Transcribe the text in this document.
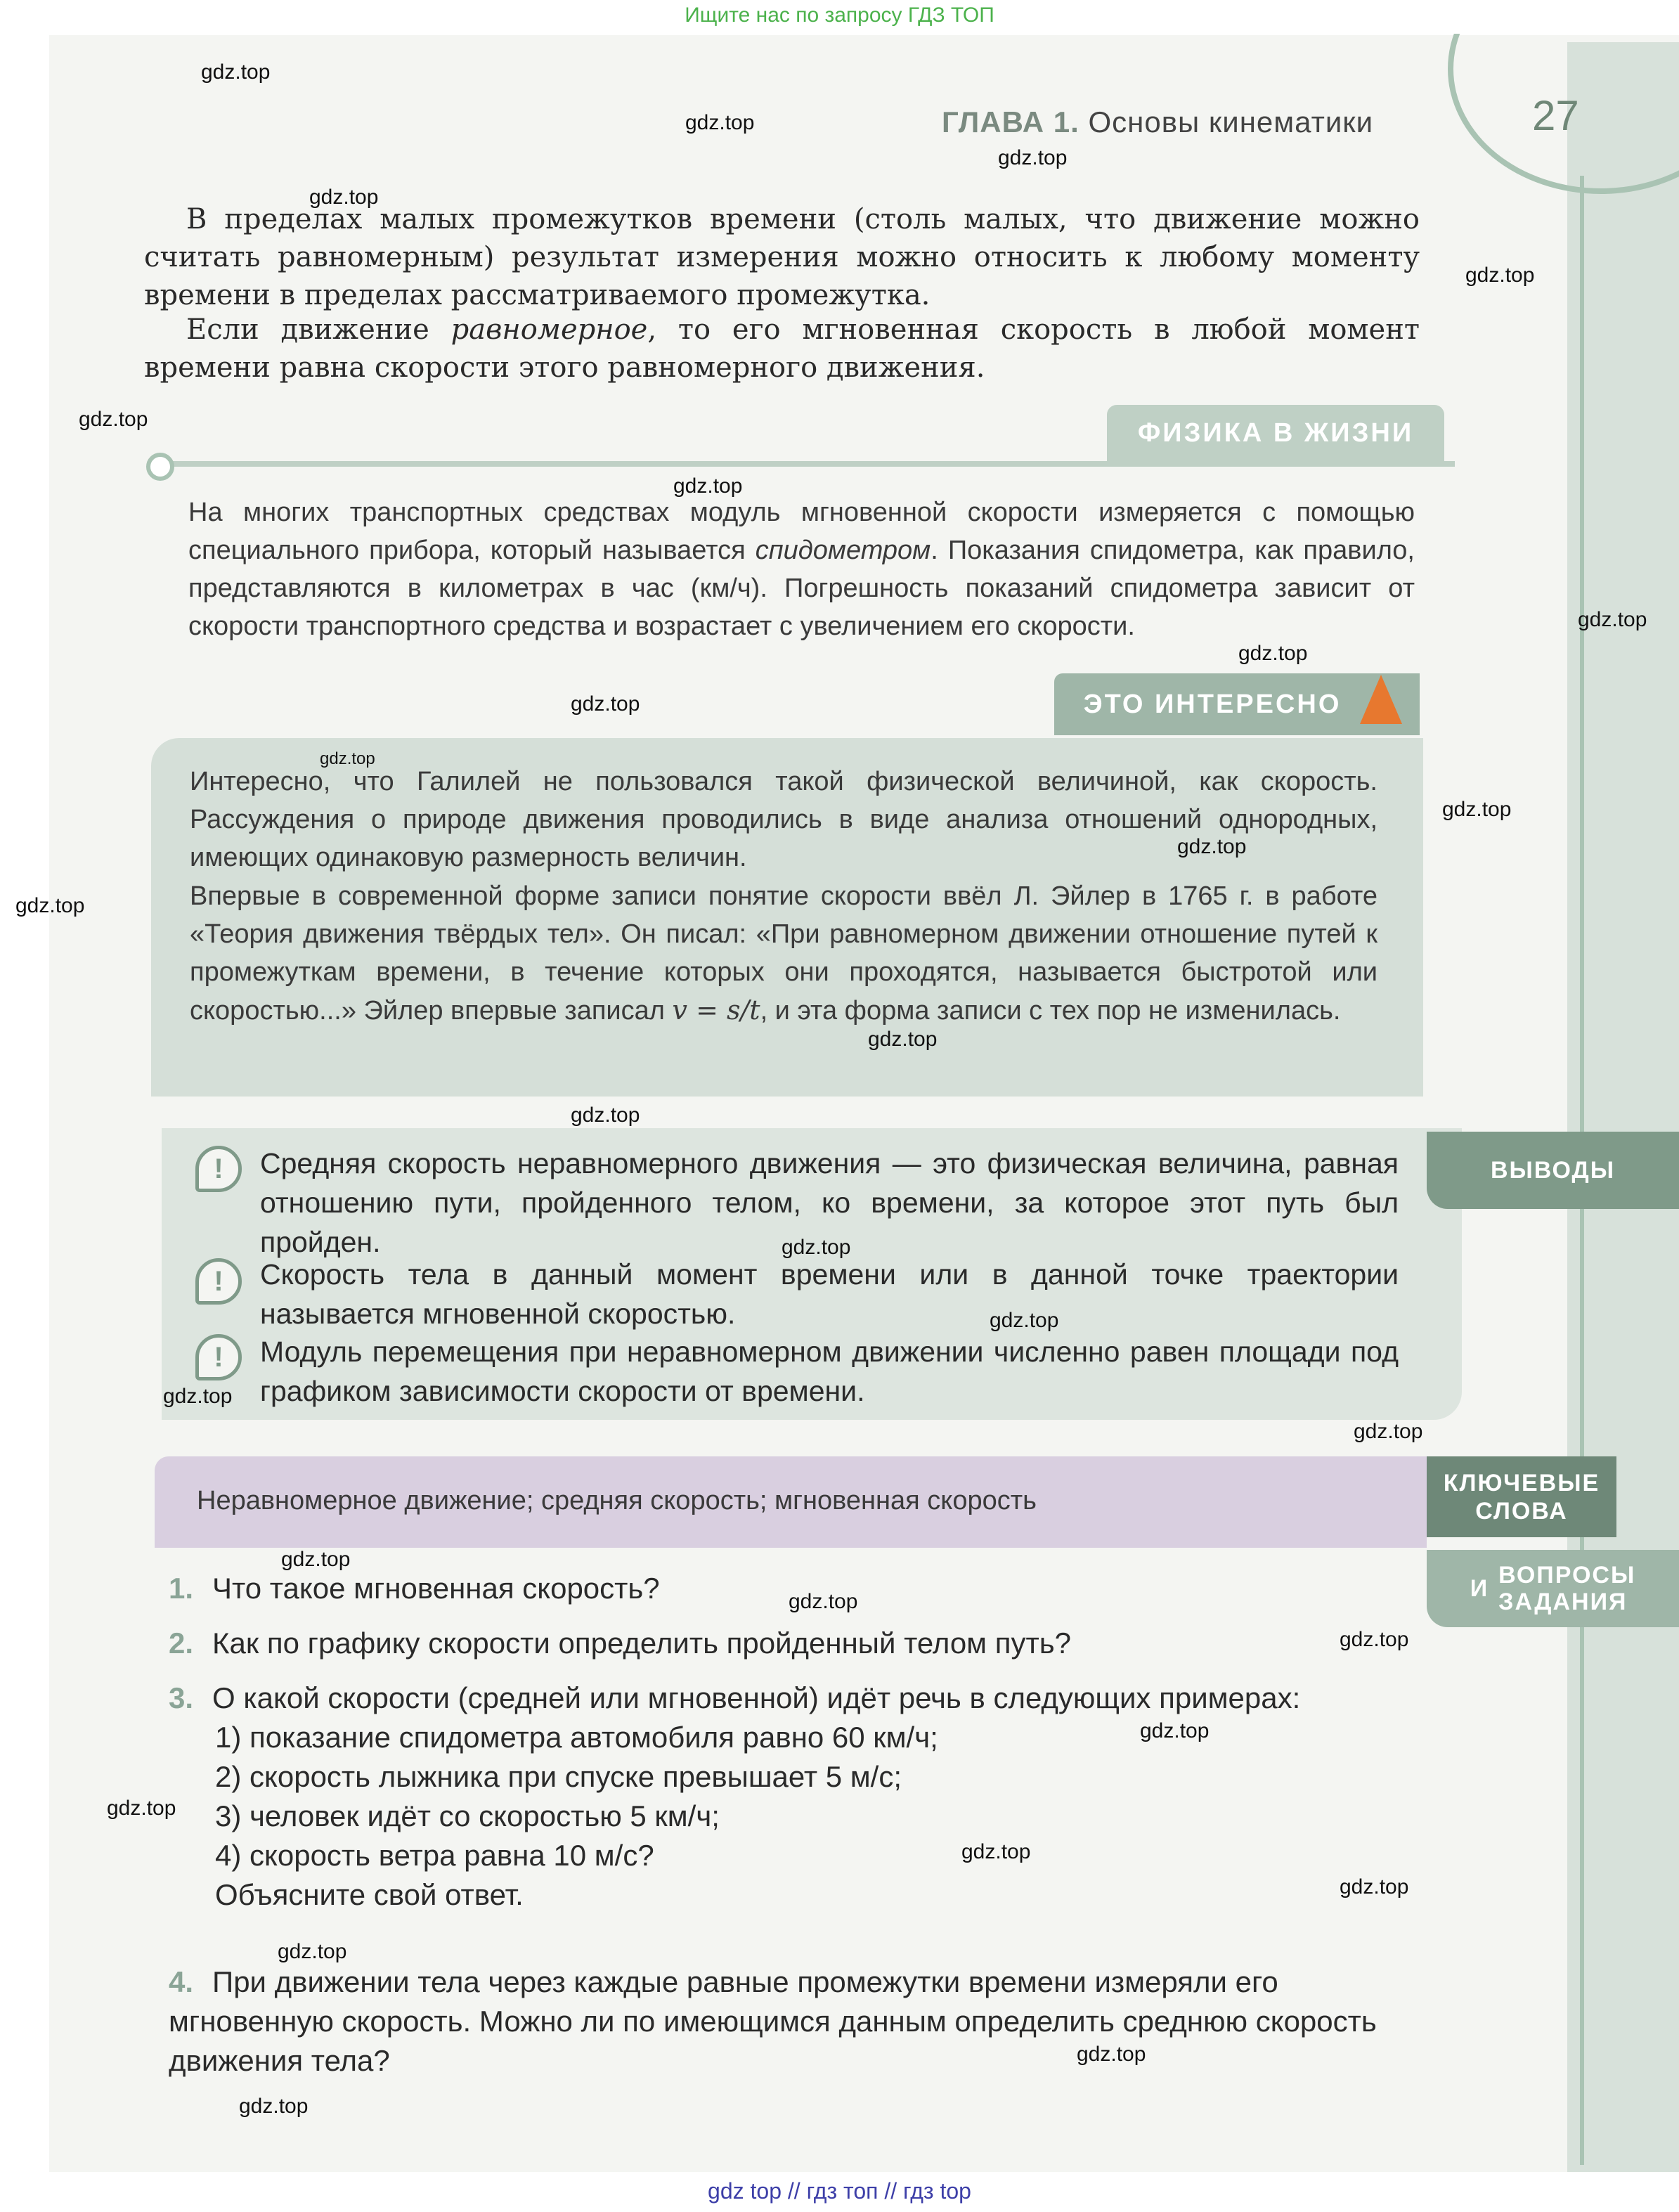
Ищите нас по запросу ГДЗ ТОП
ГЛАВА 1. Основы кинематики	27
В пределах малых промежутков времени (столь малых, что движение можно считать равномерным) результат измерения можно относить к любому моменту времени в пределах рассматриваемого промежутка.
Если движение равномерное, то его мгновенная скорость в любой момент времени равна скорости этого равномерного движения.
ФИЗИКА В ЖИЗНИ
На многих транспортных средствах модуль мгновенной скорости измеряется с помощью специального прибора, который называется спидометром. Показания спидометра, как правило, представляются в километрах в час (км/ч). Погрешность показаний спидометра зависит от скорости транспортного средства и возрастает с увеличением его скорости.
ЭТО ИНТЕРЕСНО
Интересно, что Галилей не пользовался такой физической величиной, как скорость. Рассуждения о природе движения проводились в виде анализа отношений однородных, имеющих одинаковую размерность величин.
Впервые в современной форме записи понятие скорости ввёл Л. Эйлер в 1765 г. в работе «Теория движения твёрдых тел». Он писал: «При равномерном движении отношение путей к промежуткам времени, в течение которых они проходятся, называется быстротой или скоростью...» Эйлер впервые записал v = s/t, и эта форма записи с тех пор не изменилась.
ВЫВОДЫ
!	Средняя скорость неравномерного движения — это физическая величина, равная отношению пути, пройденного телом, ко времени, за которое этот путь был пройден.
!	Скорость тела в данный момент времени или в данной точке траектории называется мгновенной скоростью.
!	Модуль перемещения при неравномерном движении численно равен площади под графиком зависимости скорости от времени.
Неравномерное движение; средняя скорость; мгновенная скорость
КЛЮЧЕВЫЕ
СЛОВА
И ВОПРОСЫ
ЗАДАНИЯ
1. Что такое мгновенная скорость?
2. Как по графику скорости определить пройденный телом путь?
3. О какой скорости (средней или мгновенной) идёт речь в следующих примерах:
1) показание спидометра автомобиля равно 60 км/ч;
2) скорость лыжника при спуске превышает 5 м/с;
3) человек идёт со скоростью 5 км/ч;
4) скорость ветра равна 10 м/с?
Объясните свой ответ.
4. При движении тела через каждые равные промежутки времени измеряли его мгновенную скорость. Можно ли по имеющимся данным определить среднюю скорость движения тела?
gdz.top
gdz.top
gdz.top
gdz.top
gdz.top
gdz.top
gdz.top
gdz.top
gdz.top
gdz.top
gdz.top
gdz.top
gdz.top
gdz.top
gdz.top
gdz.top
gdz.top
gdz.top
gdz.top
gdz.top
gdz.top
gdz.top
gdz.top
gdz.top
gdz.top
gdz.top
gdz.top
gdz.top
gdz.top
gdz.top
gdz top // гдз топ // гдз top
